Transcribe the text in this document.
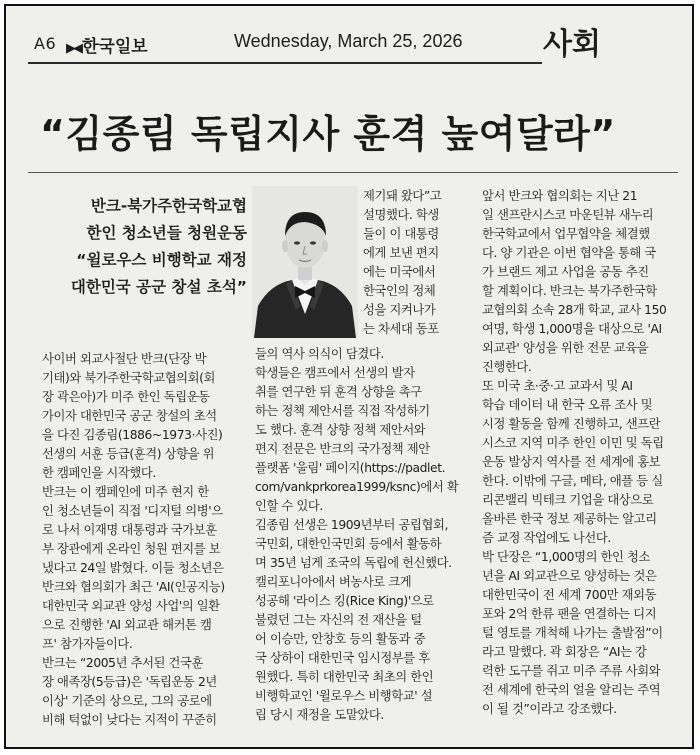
A6 ▶◀ 한국일보	Wednesday, March 25, 2026	사회
“김종림 독립지사 훈격 높여달라”
반크-북가주한국학교협
한인 청소년들 청원운동
“윌로우스 비행학교 재정
대한민국 공군 창설 초석”
사이버 외교사절단 반크(단장 박
기태)와 북가주한국학교협의회(회
장 곽은아)가 미주 한인 독립운동
가이자 대한민국 공군 창설의 초석
을 다진 김종림(1886~1973·사진)
선생의 서훈 등급(훈격) 상향을 위
한 캠페인을 시작했다.
반크는 이 캠페인에 미주 현지 한
인 청소년들이 직접 '디지털 의병'으
로 나서 이재명 대통령과 국가보훈
부 장관에게 온라인 청원 편지를 보
냈다고 24일 밝혔다. 이들 청소년은
반크와 협의회가 최근 'AI(인공지능)
대한민국 외교관 양성 사업'의 일환
으로 진행한 'AI 외교관 해커톤 캠
프' 참가자들이다.
반크는 “2005년 추서된 건국훈
장 애족장(5등급)은 '독립운동 2년
이상' 기준의 상으로, 그의 공로에
비해 턱없이 낮다는 지적이 꾸준히
제기돼 왔다”고
설명했다. 학생
들이 이 대통령
에게 보낸 편지
에는 미국에서
한국인의 정체
성을 지켜나가
는 차세대 동포
들의 역사 의식이 담겼다.
학생들은 캠프에서 선생의 발자
취를 연구한 뒤 훈격 상향을 촉구
하는 정책 제안서를 직접 작성하기
도 했다. 훈격 상향 정책 제안서와
편지 전문은 반크의 국가정책 제안
플랫폼 '울림' 페이지(https://padlet.
com/vankprkorea1999/ksnc)에서 확
인할 수 있다.
김종림 선생은 1909년부터 공립협회,
국민회, 대한인국민회 등에서 활동하
며 35년 넘게 조국의 독립에 헌신했다.
캘리포니아에서 벼농사로 크게
성공해 '라이스 킹(Rice King)'으로
불렸던 그는 자신의 전 재산을 털
어 이승만, 안창호 등의 활동과 중
국 상하이 대한민국 임시정부를 후
원했다. 특히 대한민국 최초의 한인
비행학교인 '윌로우스 비행학교' 설
립 당시 재정을 도맡았다.
앞서 반크와 협의회는 지난 21
일 샌프란시스코 마운틴뷰 새누리
한국학교에서 업무협약을 체결했
다. 양 기관은 이번 협약을 통해 국
가 브랜드 제고 사업을 공동 추진
할 계획이다. 반크는 북가주한국학
교협의회 소속 28개 학교, 교사 150
여명, 학생 1,000명을 대상으로 'AI
외교관' 양성을 위한 전문 교육을
진행한다.
또 미국 초·중·고 교과서 및 AI
학습 데이터 내 한국 오류 조사 및
시정 활동을 함께 진행하고, 샌프란
시스코 지역 미주 한인 이민 및 독립
운동 발상지 역사를 전 세계에 홍보
한다. 이밖에 구글, 메타, 애플 등 실
리콘밸리 빅테크 기업을 대상으로
올바른 한국 정보 제공하는 알고리
즘 교정 작업에도 나선다.
박 단장은 “1,000명의 한인 청소
년을 AI 외교관으로 양성하는 것은
대한민국이 전 세계 700만 재외동
포와 2억 한류 팬을 연결하는 디지
털 영토를 개척해 나가는 출발점”이
라고 말했다. 곽 회장은 “AI는 강
력한 도구를 쥐고 미주 주류 사회와
전 세계에 한국의 얼을 알리는 주역
이 될 것”이라고 강조했다.
